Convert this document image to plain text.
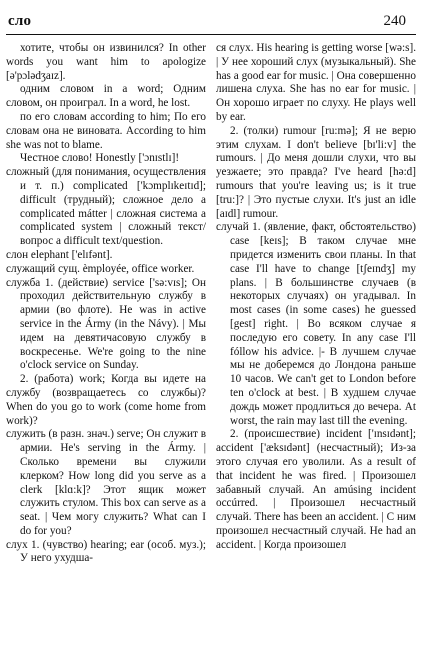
сло	240

хотите, чтобы он извинился? In other words you want him to apologize [ə'pɔlədʒaɪz].

одним словом in a word; Одним словом, он проиграл. In a word, he lost.

по его словам according to him; По его словам она не виновата. According to him she was not to blame.

Честное слово! Honestly ['ɔnɪstlɪ]!

сложный (для понимания, осуществления и т. п.) complicated ['kɔmplɪkeɪtɪd]; difficult (трудный); сложное дело a complicated mátter | сложная система a complicated system | сложный текст/вопрос a difficult text/question.

слон elephant ['elɪfənt].

служащий сущ. èmployée, office worker.

служба 1. (действие) service ['sə:vɪs]; Он проходил действительную службу в армии (во флоте). He was in active service in the Ármy (in the Návy). | Мы идем на девятичасовую службу в воскресенье. We're going to the nine o'clock service on Sunday.

2. (работа) work; Когда вы идете на службу (возвращаетесь со службы)? When do you go to work (come home from work)?

служить (в разн. знач.) serve; Он служит в армии. He's serving in the Ármy. | Сколько времени вы служили клерком? How long did you serve as a clerk [klɑ:k]? Этот ящик может служить стулом. This box can serve as a seat. | Чем могу служить? What can I do for you?

слух 1. (чувство) hearing; ear (особ. муз.); У него ухудша-

ся слух. His hearing is getting worse [wə:s]. | У нее хороший слух (музыкальный). She has a good ear for music. | Она совершенно лишена слуха. She has no ear for music. | Он хорошо играет по слуху. He plays well by ear.

2. (толки) rumour [ru:mə]; Я не верю этим слухам. I don't believe [bɪ'li:v] the rumours. | До меня дошли слухи, что вы уезжаете; это правда? I've heard [hə:d] rumours that you're leaving us; is it true [tru:]? | Это пустые слухи. It's just an idle [aɪdl] rumour.

случай 1. (явление, факт, обстоятельство) case [keɪs]; В таком случае мне придется изменить свои планы. In that case I'll have to change [tʃeɪndʒ] my plans. | В большинстве случаев (в некоторых случаях) он угадывал. In most cases (in some cases) he guessed [gest] right. | Во всяком случае я последую его совету. In any case I'll fóllow his advice. |- В лучшем случае мы не доберемся до Лондона раньше 10 часов. We can't get to London before ten o'clock at best. | В худшем случае дождь может продлиться до вечера. At worst, the rain may last till the evening.

2. (происшествие) incident ['ɪnsɪdənt]; accident ['æksɪdənt] (несчастный); Из-за этого случая его уволили. As a result of that incident he was fired. | Произошел забавный случай. An amúsing incident occúrred. | Произошел несчастный случай. There has been an accident. | С ним произошел несчастный случай. He had an accident. | Когда произошел
